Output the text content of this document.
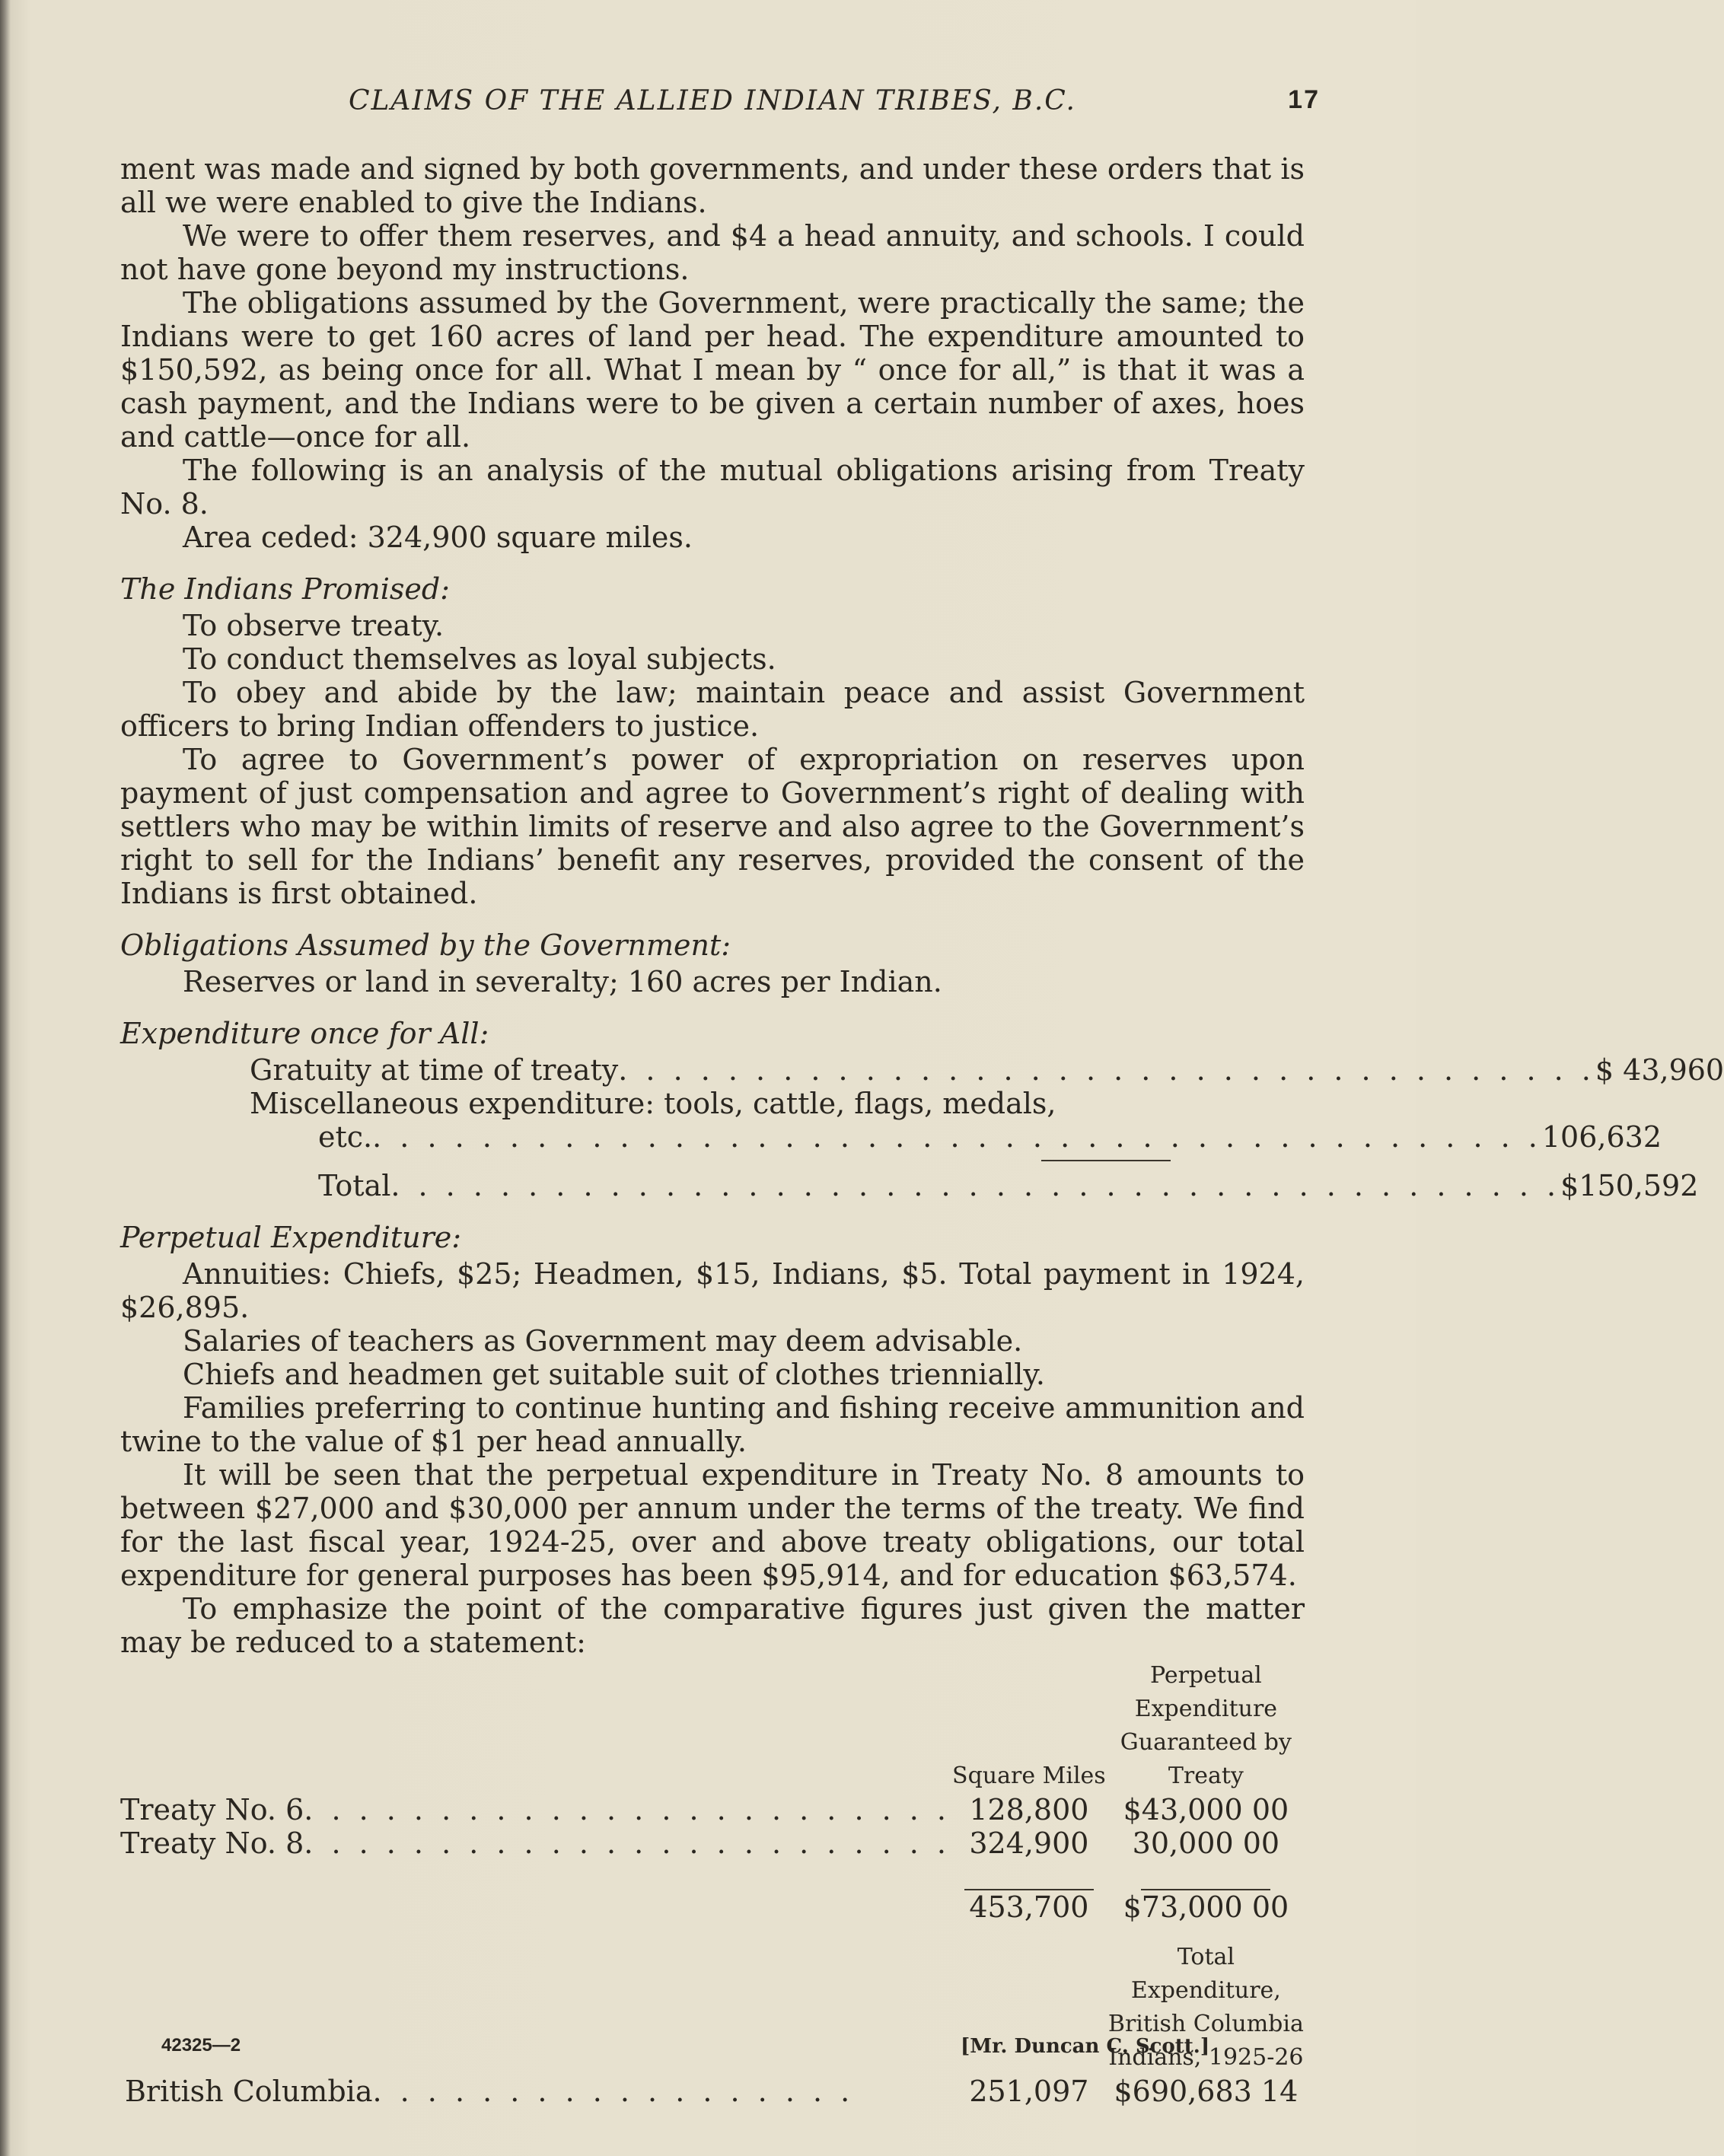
CLAIMS OF THE ALLIED INDIAN TRIBES, B.C.	17

ment was made and signed by both governments, and under these orders that is all we were enabled to give the Indians.

We were to offer them reserves, and $4 a head annuity, and schools. I could not have gone beyond my instructions.

The obligations assumed by the Government, were practically the same; the Indians were to get 160 acres of land per head. The expenditure amounted to $150,592, as being once for all. What I mean by “ once for all,” is that it was a cash payment, and the Indians were to be given a certain number of axes, hoes and cattle—once for all.

The following is an analysis of the mutual obligations arising from Treaty No. 8.

Area ceded: 324,900 square miles.

The Indians Promised:

To observe treaty.

To conduct themselves as loyal subjects.

To obey and abide by the law; maintain peace and assist Government officers to bring Indian offenders to justice.

To agree to Government’s power of expropriation on reserves upon payment of just compensation and agree to Government’s right of dealing with settlers who may be within limits of reserve and also agree to the Government’s right to sell for the Indians’ benefit any reserves, provided the consent of the Indians is first obtained.

Obligations Assumed by the Government:

Reserves or land in severalty; 160 acres per Indian.

Expenditure once for All:
Gratuity at time of treaty . . . . . . . . . . . . . . . . . . . . . . . . . . . . . . . . . . . . $ 43,960
Miscellaneous expenditure: tools, cattle, flags, medals,
etc. . . . . . . . . . . . . . . . . . . . . . . . . . . . . . . . . . . . . . . . . . . . 106,632
Total . . . . . . . . . . . . . . . . . . . . . . . . . . . . . . . . . . . . . . . . . . . $150,592
Perpetual Expenditure:

Annuities: Chiefs, $25; Headmen, $15, Indians, $5. Total payment in 1924, $26,895.

Salaries of teachers as Government may deem advisable.

Chiefs and headmen get suitable suit of clothes triennially.

Families preferring to continue hunting and fishing receive ammunition and twine to the value of $1 per head annually.

It will be seen that the perpetual expenditure in Treaty No. 8 amounts to between $27,000 and $30,000 per annum under the terms of the treaty. We find for the last fiscal year, 1924-25, over and above treaty obligations, our total expenditure for general purposes has been $95,914, and for education $63,574.

To emphasize the point of the comparative figures just given the matter may be reduced to a statement:

	Square Miles	Perpetual Expenditure
Guaranteed by Treaty

Treaty No. 6 . . . . . . . . . . . . . . . . . . . . . . . .	128,800	$43,000 00

Treaty No. 8 . . . . . . . . . . . . . . . . . . . . . . . .	324,900	30,000 00

	453,700	$73,000 00

		Total Expenditure,
British Columbia
Indians, 1925-26

British Columbia . . . . . . . . . . . . . . . . . .	251,097	$690,683 14
42325—2	[Mr. Duncan C. Scott.]
